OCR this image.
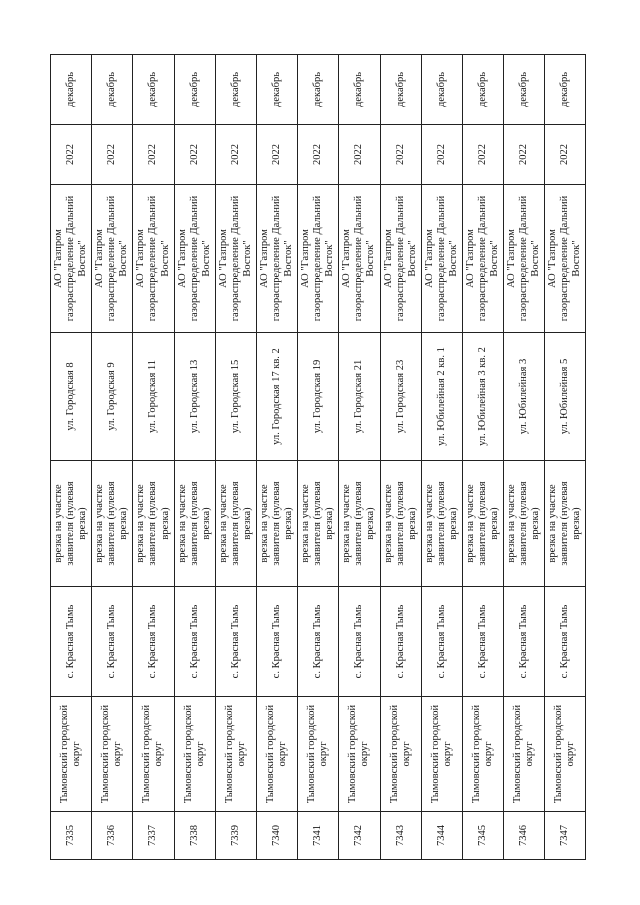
7335	Тымовский городской округ	с. Красная Тымь	врезка на участке заявителя (нулевая врезка)	ул. Городская 8	АО "Газпром газораспределение Дальний Восток"	2022	декабрь
7336	Тымовский городской округ	с. Красная Тымь	врезка на участке заявителя (нулевая врезка)	ул. Городская 9	АО "Газпром газораспределение Дальний Восток"	2022	декабрь
7337	Тымовский городской округ	с. Красная Тымь	врезка на участке заявителя (нулевая врезка)	ул. Городская 11	АО "Газпром газораспределение Дальний Восток"	2022	декабрь
7338	Тымовский городской округ	с. Красная Тымь	врезка на участке заявителя (нулевая врезка)	ул. Городская 13	АО "Газпром газораспределение Дальний Восток"	2022	декабрь
7339	Тымовский городской округ	с. Красная Тымь	врезка на участке заявителя (нулевая врезка)	ул. Городская 15	АО "Газпром газораспределение Дальний Восток"	2022	декабрь
7340	Тымовский городской округ	с. Красная Тымь	врезка на участке заявителя (нулевая врезка)	ул. Городская 17 кв. 2	АО "Газпром газораспределение Дальний Восток"	2022	декабрь
7341	Тымовский городской округ	с. Красная Тымь	врезка на участке заявителя (нулевая врезка)	ул. Городская 19	АО "Газпром газораспределение Дальний Восток"	2022	декабрь
7342	Тымовский городской округ	с. Красная Тымь	врезка на участке заявителя (нулевая врезка)	ул. Городская 21	АО "Газпром газораспределение Дальний Восток"	2022	декабрь
7343	Тымовский городской округ	с. Красная Тымь	врезка на участке заявителя (нулевая врезка)	ул. Городская 23	АО "Газпром газораспределение Дальний Восток"	2022	декабрь
7344	Тымовский городской округ	с. Красная Тымь	врезка на участке заявителя (нулевая врезка)	ул. Юбилейная 2 кв. 1	АО "Газпром газораспределение Дальний Восток"	2022	декабрь
7345	Тымовский городской округ	с. Красная Тымь	врезка на участке заявителя (нулевая врезка)	ул. Юбилейная 3 кв. 2	АО "Газпром газораспределение Дальний Восток"	2022	декабрь
7346	Тымовский городской округ	с. Красная Тымь	врезка на участке заявителя (нулевая врезка)	ул. Юбилейная 3	АО "Газпром газораспределение Дальний Восток"	2022	декабрь
7347	Тымовский городской округ	с. Красная Тымь	врезка на участке заявителя (нулевая врезка)	ул. Юбилейная 5	АО "Газпром газораспределение Дальний Восток"	2022	декабрь
